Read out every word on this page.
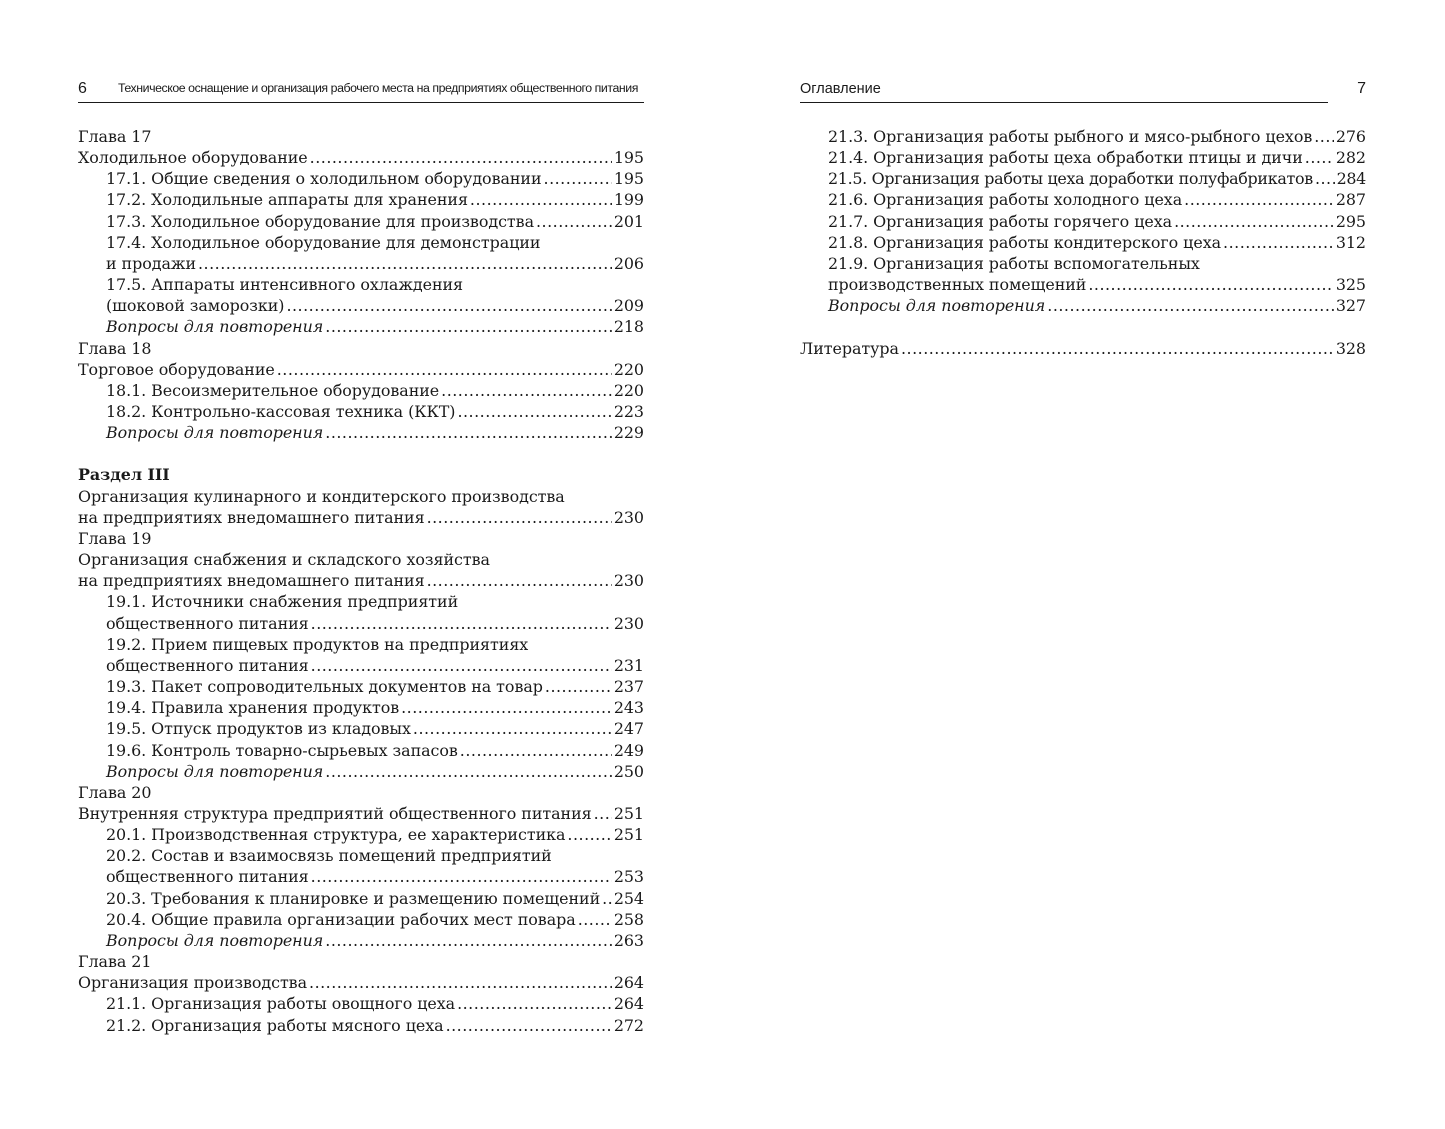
6	Техническое оснащение и организация рабочего места на предприятиях общественного питания
Глава 17
Холодильное оборудование .....	195
17.1. Общие сведения о холодильном оборудовании .....	195
17.2. Холодильные аппараты для хранения .....	199
17.3. Холодильное оборудование для производства .....	201
17.4. Холодильное оборудование для демонстрации
и продажи .....	206
17.5. Аппараты интенсивного охлаждения
(шоковой заморозки) .....	209
Вопросы для повторения .....	218
Глава 18
Торговое оборудование .....	220
18.1. Весоизмерительное оборудование .....	220
18.2. Контрольно-кассовая техника (ККТ) .....	223
Вопросы для повторения .....	229
Раздел III
Организация кулинарного и кондитерского производства
на предприятиях внедомашнего питания .....	230
Глава 19
Организация снабжения и складского хозяйства
на предприятиях внедомашнего питания .....	230
19.1. Источники снабжения предприятий
общественного питания .....	230
19.2. Прием пищевых продуктов на предприятиях
общественного питания .....	231
19.3. Пакет сопроводительных документов на товар .....	237
19.4. Правила хранения продуктов .....	243
19.5. Отпуск продуктов из кладовых .....	247
19.6. Контроль товарно-сырьевых запасов .....	249
Вопросы для повторения .....	250
Глава 20
Внутренняя структура предприятий общественного питания ..... 251
20.1. Производственная структура, ее характеристика .....	251
20.2. Состав и взаимосвязь помещений предприятий
общественного питания .....	253
20.3. Требования к планировке и размещению помещений ..... 254
20.4. Общие правила организации рабочих мест повара ..... 258
Вопросы для повторения .....	263
Глава 21
Организация производства .....	264
21.1. Организация работы овощного цеха .....	264
21.2. Организация работы мясного цеха .....	272
Оглавление	7
21.3. Организация работы рыбного и мясо-рыбного цехов ..... 276
21.4. Организация работы цеха обработки птицы и дичи ..... 282
21.5. Организация работы цеха доработки полуфабрикатов ..... 284
21.6. Организация работы холодного цеха .....	287
21.7. Организация работы горячего цеха .....	295
21.8. Организация работы кондитерского цеха .....	312
21.9. Организация работы вспомогательных
производственных помещений .....	325
Вопросы для повторения .....	327
Литература .....	328
